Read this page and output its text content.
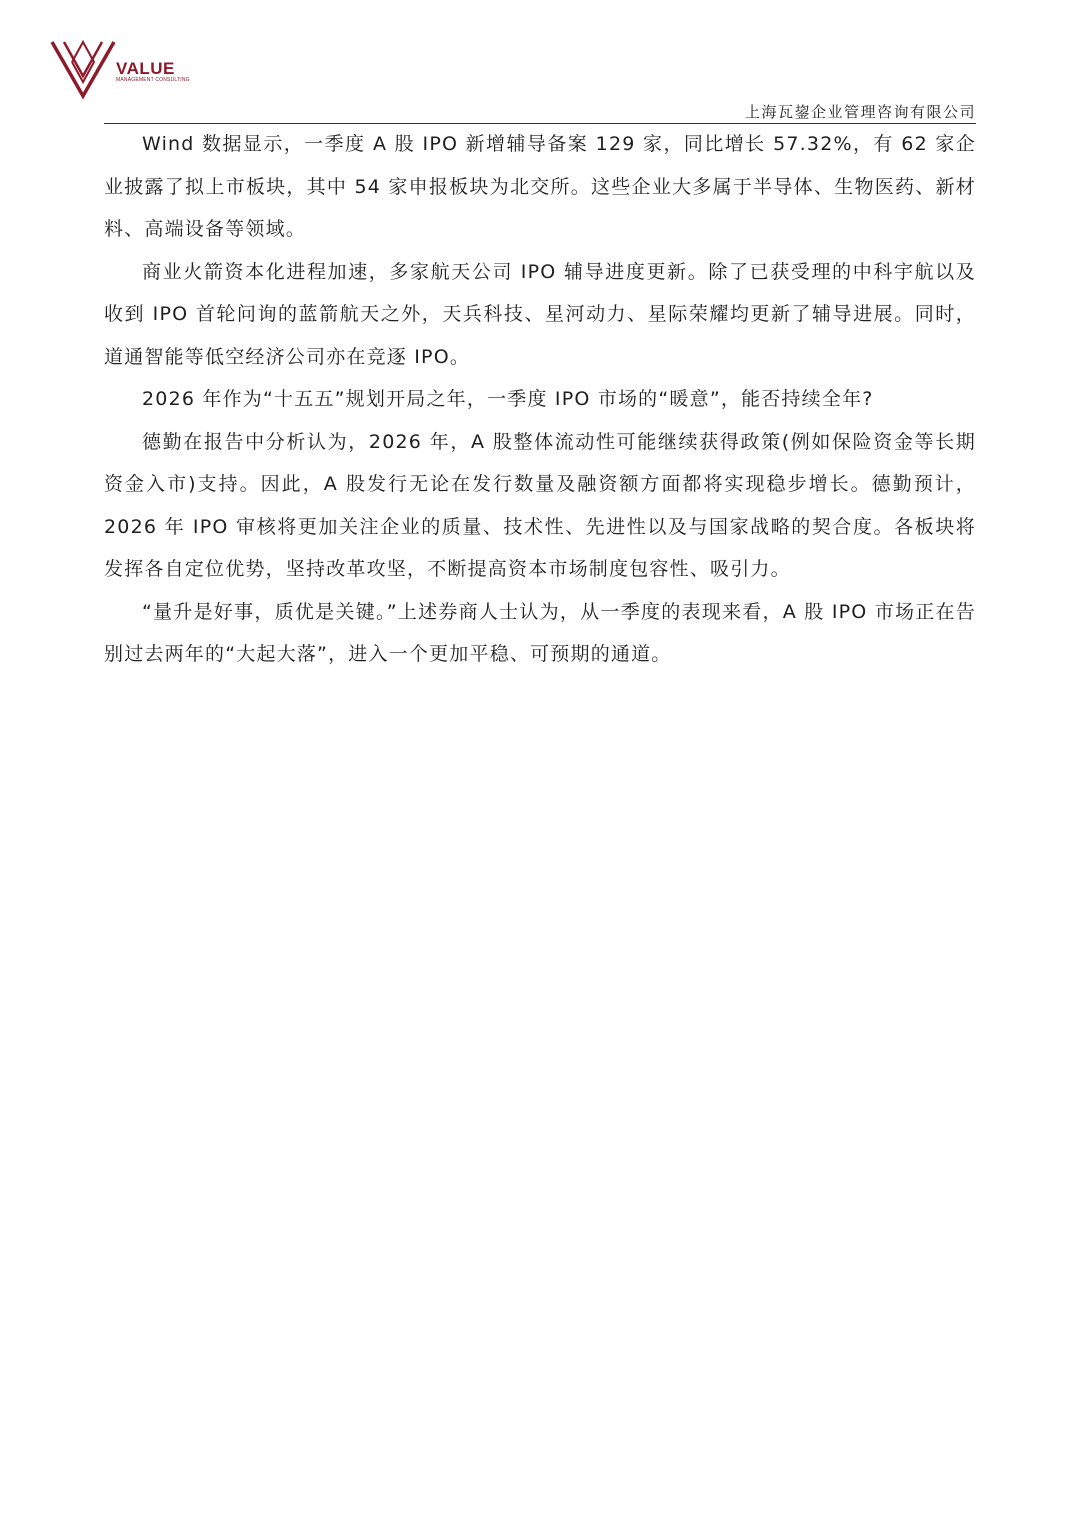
VALUE
MANAGEMENT CONSULTING
上海瓦鋆企业管理咨询有限公司

Wind 数据显示，一季度 A 股 IPO 新增辅导备案 129 家，同比增长 57.32%，有 62 家企业披露了拟上市板块，其中 54 家申报板块为北交所。这些企业大多属于半导体、生物医药、新材料、高端设备等领域。

商业火箭资本化进程加速，多家航天公司 IPO 辅导进度更新。除了已获受理的中科宇航以及收到 IPO 首轮问询的蓝箭航天之外，天兵科技、星河动力、星际荣耀均更新了辅导进展。同时，道通智能等低空经济公司亦在竞逐 IPO。

2026 年作为“十五五”规划开局之年，一季度 IPO 市场的“暖意”，能否持续全年?

德勤在报告中分析认为，2026 年，A 股整体流动性可能继续获得政策(例如保险资金等长期资金入市)支持。因此，A 股发行无论在发行数量及融资额方面都将实现稳步增长。德勤预计，2026 年 IPO 审核将更加关注企业的质量、技术性、先进性以及与国家战略的契合度。各板块将发挥各自定位优势，坚持改革攻坚，不断提高资本市场制度包容性、吸引力。

“量升是好事，质优是关键。”上述券商人士认为，从一季度的表现来看，A 股 IPO 市场正在告别过去两年的“大起大落”，进入一个更加平稳、可预期的通道。
